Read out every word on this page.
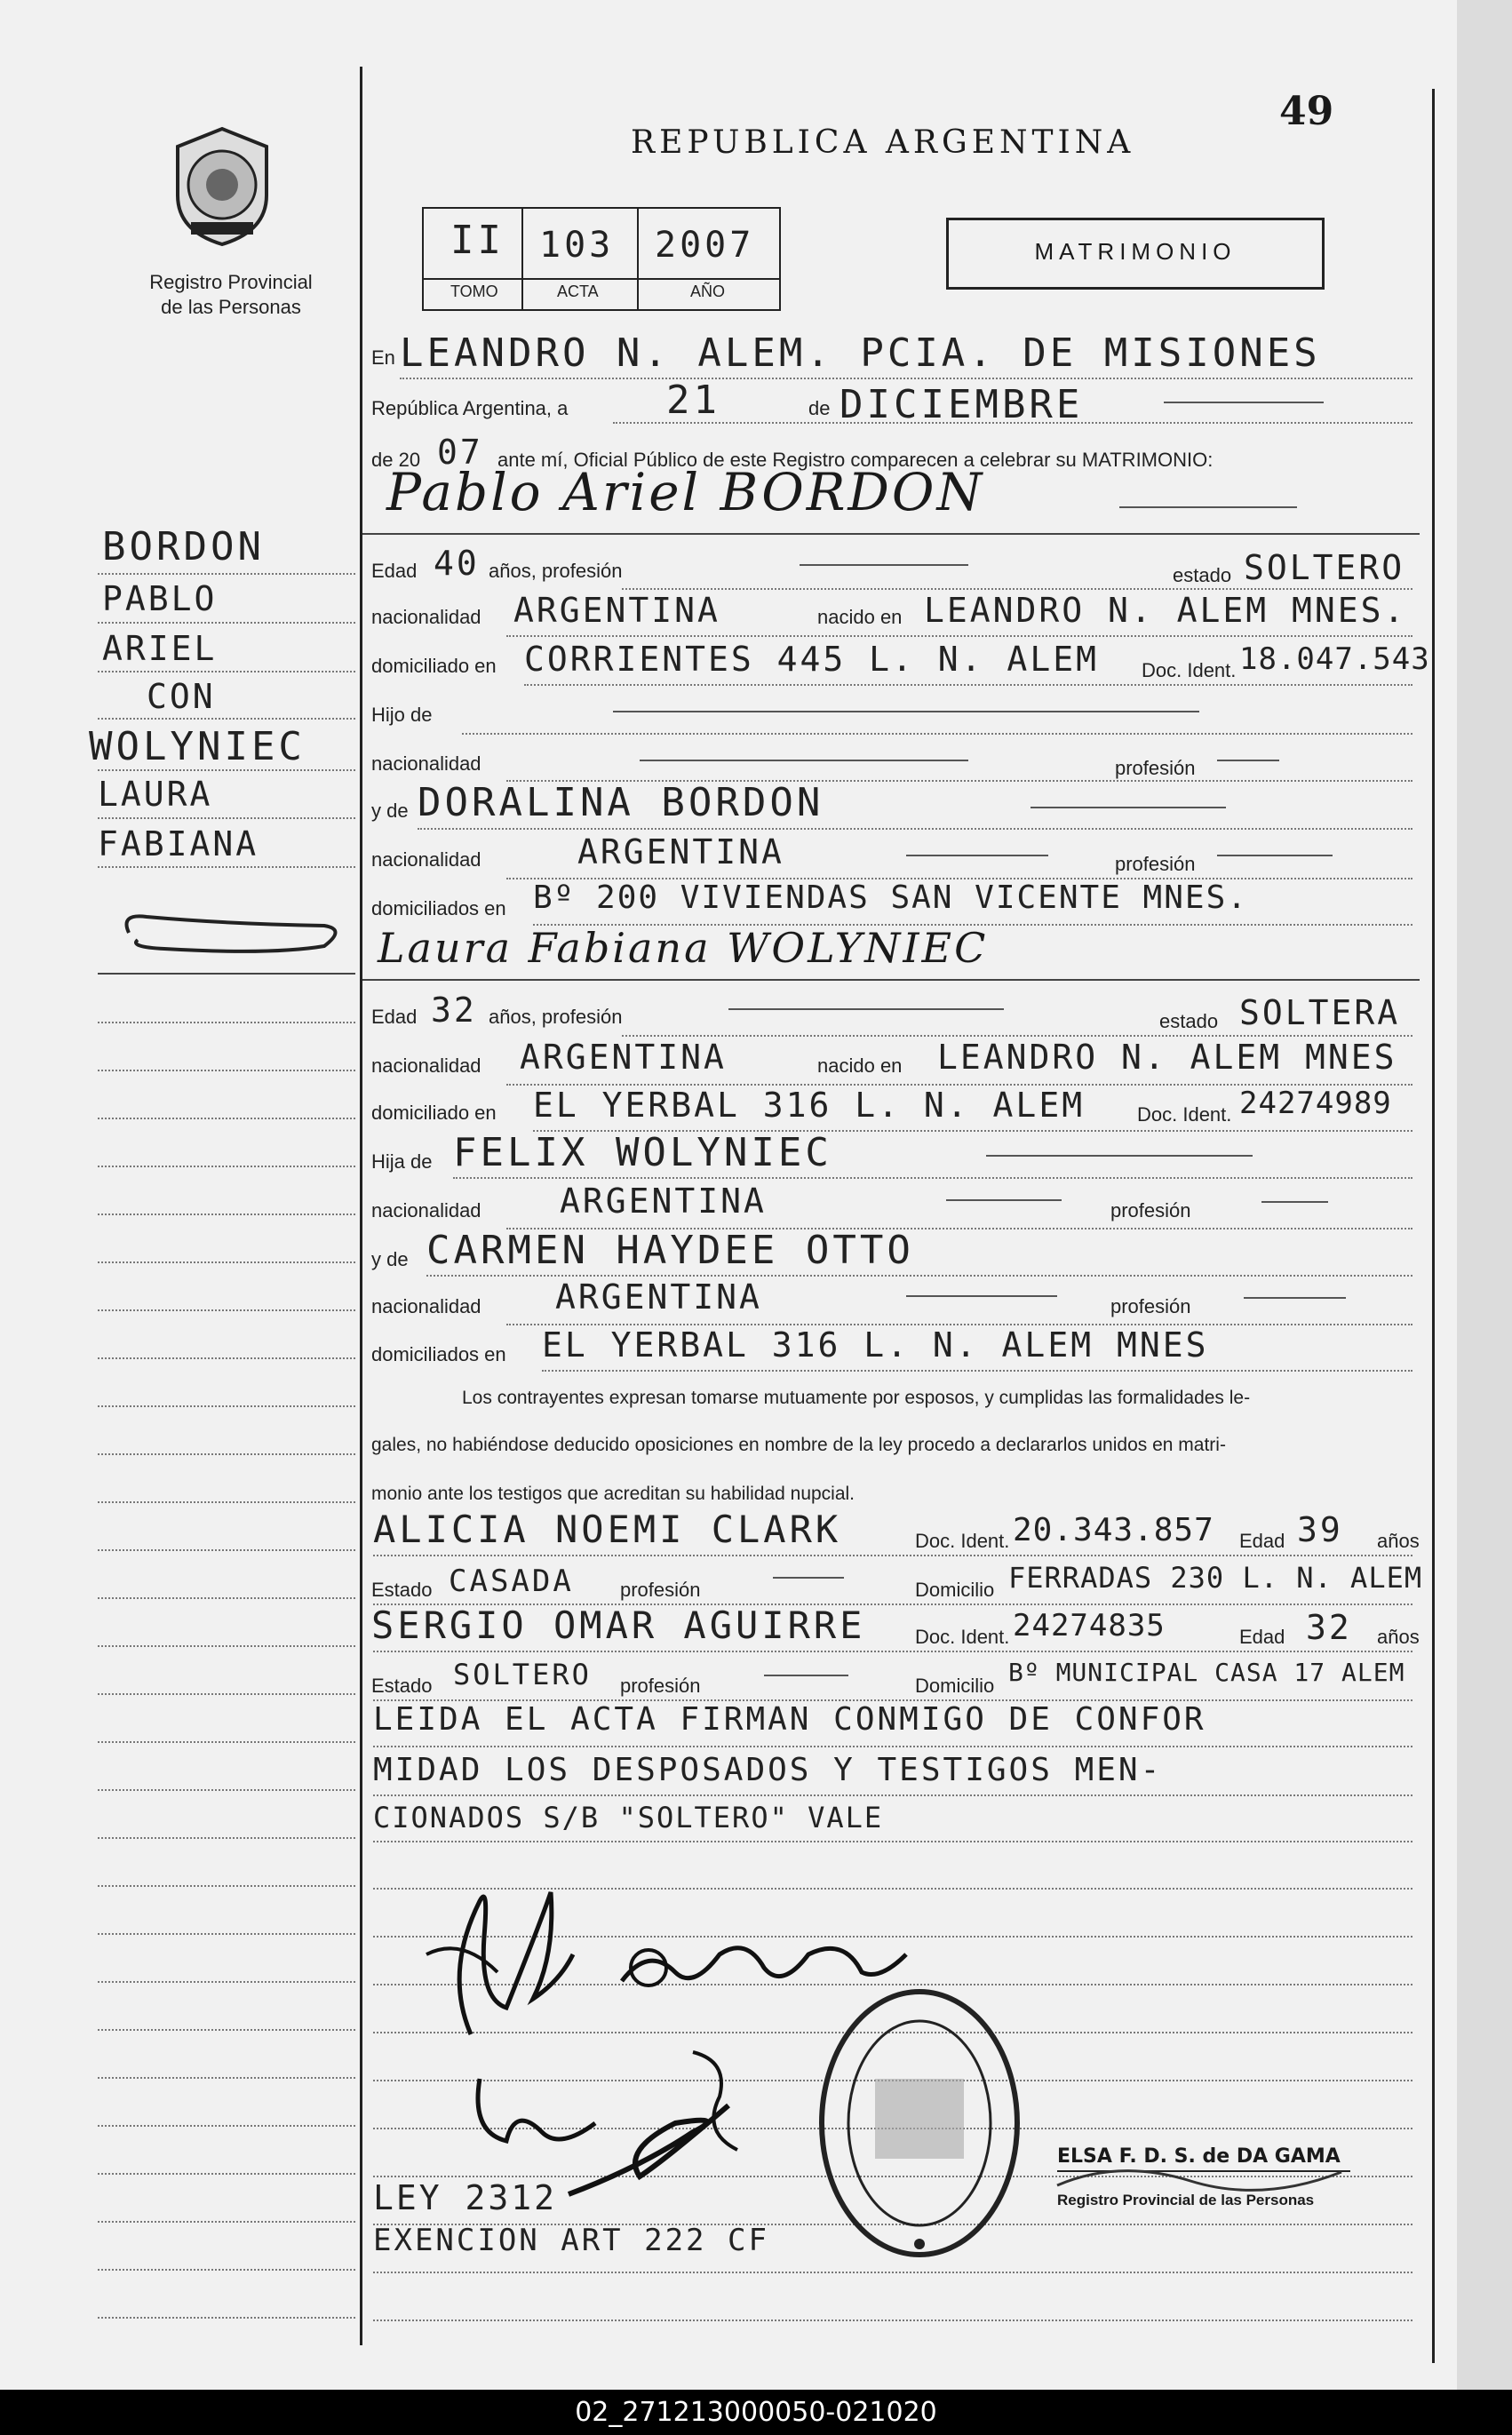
49
Registro Provincial
de las Personas
REPUBLICA ARGENTINA
II 103 2007
TOMO	ACTA	AÑO
MATRIMONIO
En LEANDRO N. ALEM. PCIA. DE MISIONES
República Argentina, a	21	de DICIEMBRE
de 20 07 ante mí, Oficial Público de este Registro comparecen a celebrar su MATRIMONIO:
Pablo Ariel BORDON
BORDON
PABLO
ARIEL
CON
WOLYNIEC
LAURA
FABIANA
Edad 40 años, profesión	estado SOLTERO
nacionalidad ARGENTINA	nacido en LEANDRO N. ALEM MNES.
domiciliado en CORRIENTES 445 L. N. ALEM Doc. Ident. 18.047.543
Hijo de
nacionalidad	profesión
y de DORALINA BORDON
nacionalidad	ARGENTINA	profesión
domiciliados en Bº 200 VIVIENDAS SAN VICENTE MNES.
Laura Fabiana WOLYNIEC
Edad 32 años, profesión	estado SOLTERA
nacionalidad ARGENTINA	nacido en LEANDRO N. ALEM MNES
domiciliado en EL YERBAL 316 L. N. ALEM	Doc. Ident. 24274989
Hija de FELIX WOLYNIEC
nacionalidad ARGENTINA	profesión
y de CARMEN HAYDEE OTTO
nacionalidad ARGENTINA	profesión
domiciliados en EL YERBAL 316 L. N. ALEM MNES
Los contrayentes expresan tomarse mutuamente por esposos, y cumplidas las formalidades le-
gales, no habiéndose deducido oposiciones en nombre de la ley procedo a declararlos unidos en matri-
monio ante los testigos que acreditan su habilidad nupcial.
ALICIA NOEMI CLARK	Doc. Ident. 20.343.857 Edad 39 años
Estado CASADA profesión	Domicilio FERRADAS 230 L. N. ALEM
SERGIO OMAR AGUIRRE	Doc. Ident. 24274835	Edad 32 años
Estado SOLTERO profesión	Domicilio Bº MUNICIPAL CASA 17 ALEM
LEIDA EL ACTA FIRMAN CONMIGO DE CONFOR
MIDAD LOS DESPOSADOS Y TESTIGOS MEN-
CIONADOS S/B "SOLTERO" VALE
ELSA F. D. S. de DA GAMA
Registro Provincial de las Personas
LEY 2312
EXENCION ART 222 CF
02_271213000050-021020
